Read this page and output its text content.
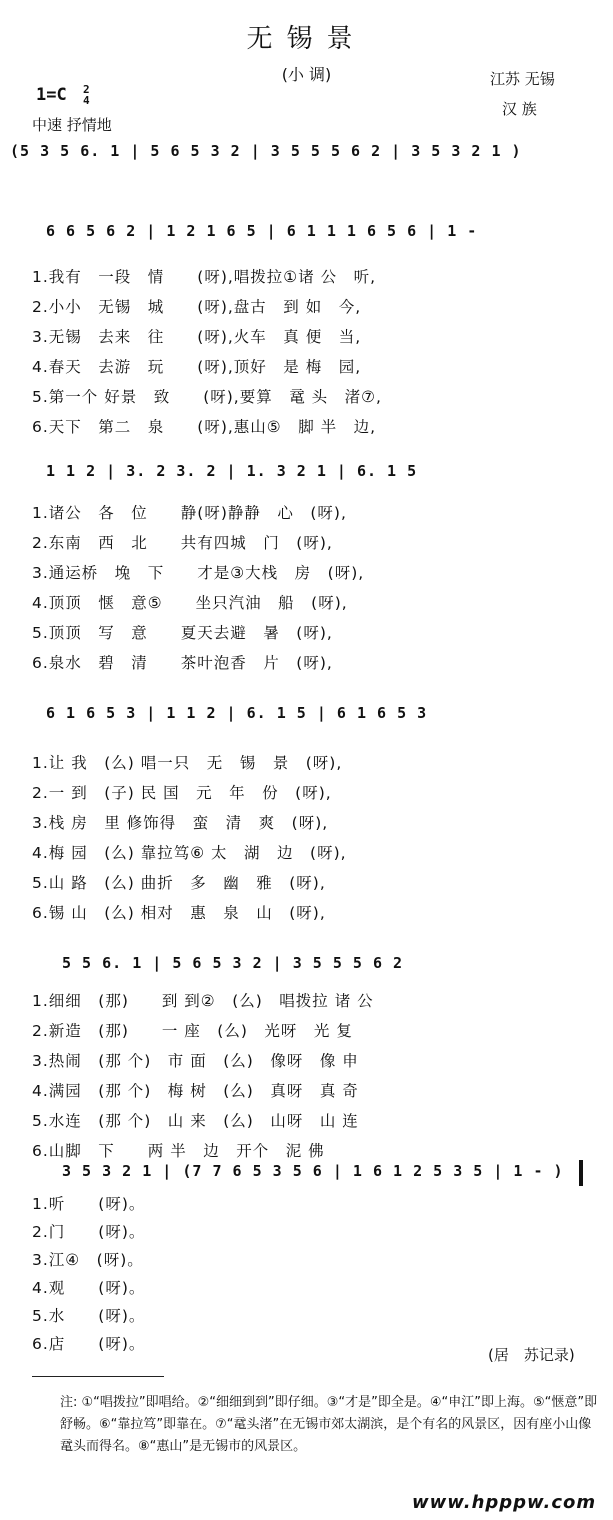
无锡景
(小 调)
1=C 2
4
江苏 无锡
汉 族
中速 抒情地
(5 3 5 6. 1 | 5 6 5 3 2 | 3 5 5 5 6 2 | 3 5 3 2 1 )
6 6 5 6 2 | 1 2 1 6 5 | 6 1 1 1 6 5 6 | 1 -
1.我有　一段　情　　(呀),唱拨拉①诸 公　听,
2.小小　无锡　城　　(呀),盘古　到 如　今,
3.无锡　去来　往　　(呀),火车　真 便　当,
4.春天　去游　玩　　(呀),顶好　是 梅　园,
5.第一个 好景　致　　(呀),要算　鼋 头　渚⑦,
6.天下　第二　泉　　(呀),惠山⑤　脚 半　边,
1 1 2 | 3. 2 3. 2 | 1. 3 2 1 | 6. 1 5
1.诸公　各　位　　静(呀)静静　心　(呀),
2.东南　西　北　　共有四城　门　(呀),
3.通运桥　堍　下　　才是③大栈　房　(呀),
4.顶顶　惬　意⑤　　坐只汽油　船　(呀),
5.顶顶　写　意　　夏天去避　暑　(呀),
6.泉水　碧　清　　茶叶泡香　片　(呀),
6 1 6 5 3 | 1 1 2 | 6. 1 5 | 6 1 6 5 3
1.让 我　(么) 唱一只　无　锡　景　(呀),
2.一 到　(子) 民 国　元　年　份　(呀),
3.栈 房　里 修饰得　蛮　清　爽　(呀),
4.梅 园　(么) 靠拉笃⑥ 太　湖　边　(呀),
5.山 路　(么) 曲折　多　幽　雅　(呀),
6.锡 山　(么) 相对　惠　泉　山　(呀),
5 5 6. 1 | 5 6 5 3 2 | 3 5 5 5 6 2
1.细细　(那)　　到 到②　(么)　唱拨拉 诸 公
2.新造　(那)　　一 座　(么)　光呀　光 复
3.热闹　(那 个)　市 面　(么)　像呀　像 申
4.满园　(那 个)　梅 树　(么)　真呀　真 奇
5.水连　(那 个)　山 来　(么)　山呀　山 连
6.山脚　下　　两 半　边　开个　泥 佛
3 5 3 2 1 | (7 7 6 5 3 5 6 | 1 6 1 2 5 3 5 | 1 - )
1.听　　(呀)。
2.门　　(呀)。
3.江④　(呀)。
4.观　　(呀)。
5.水　　(呀)。
6.店　　(呀)。
(居　苏记录)
注: ①“唱拨拉”即唱给。②“细细到到”即仔细。③“才是”即全是。④“申江”即上海。⑤“惬意”即舒畅。⑥“靠拉笃”即靠在。⑦“鼋头渚”在无锡市郊太湖滨，是个有名的风景区，因有座小山像鼋头而得名。⑧“惠山”是无锡市的风景区。
www.hpppw.com
